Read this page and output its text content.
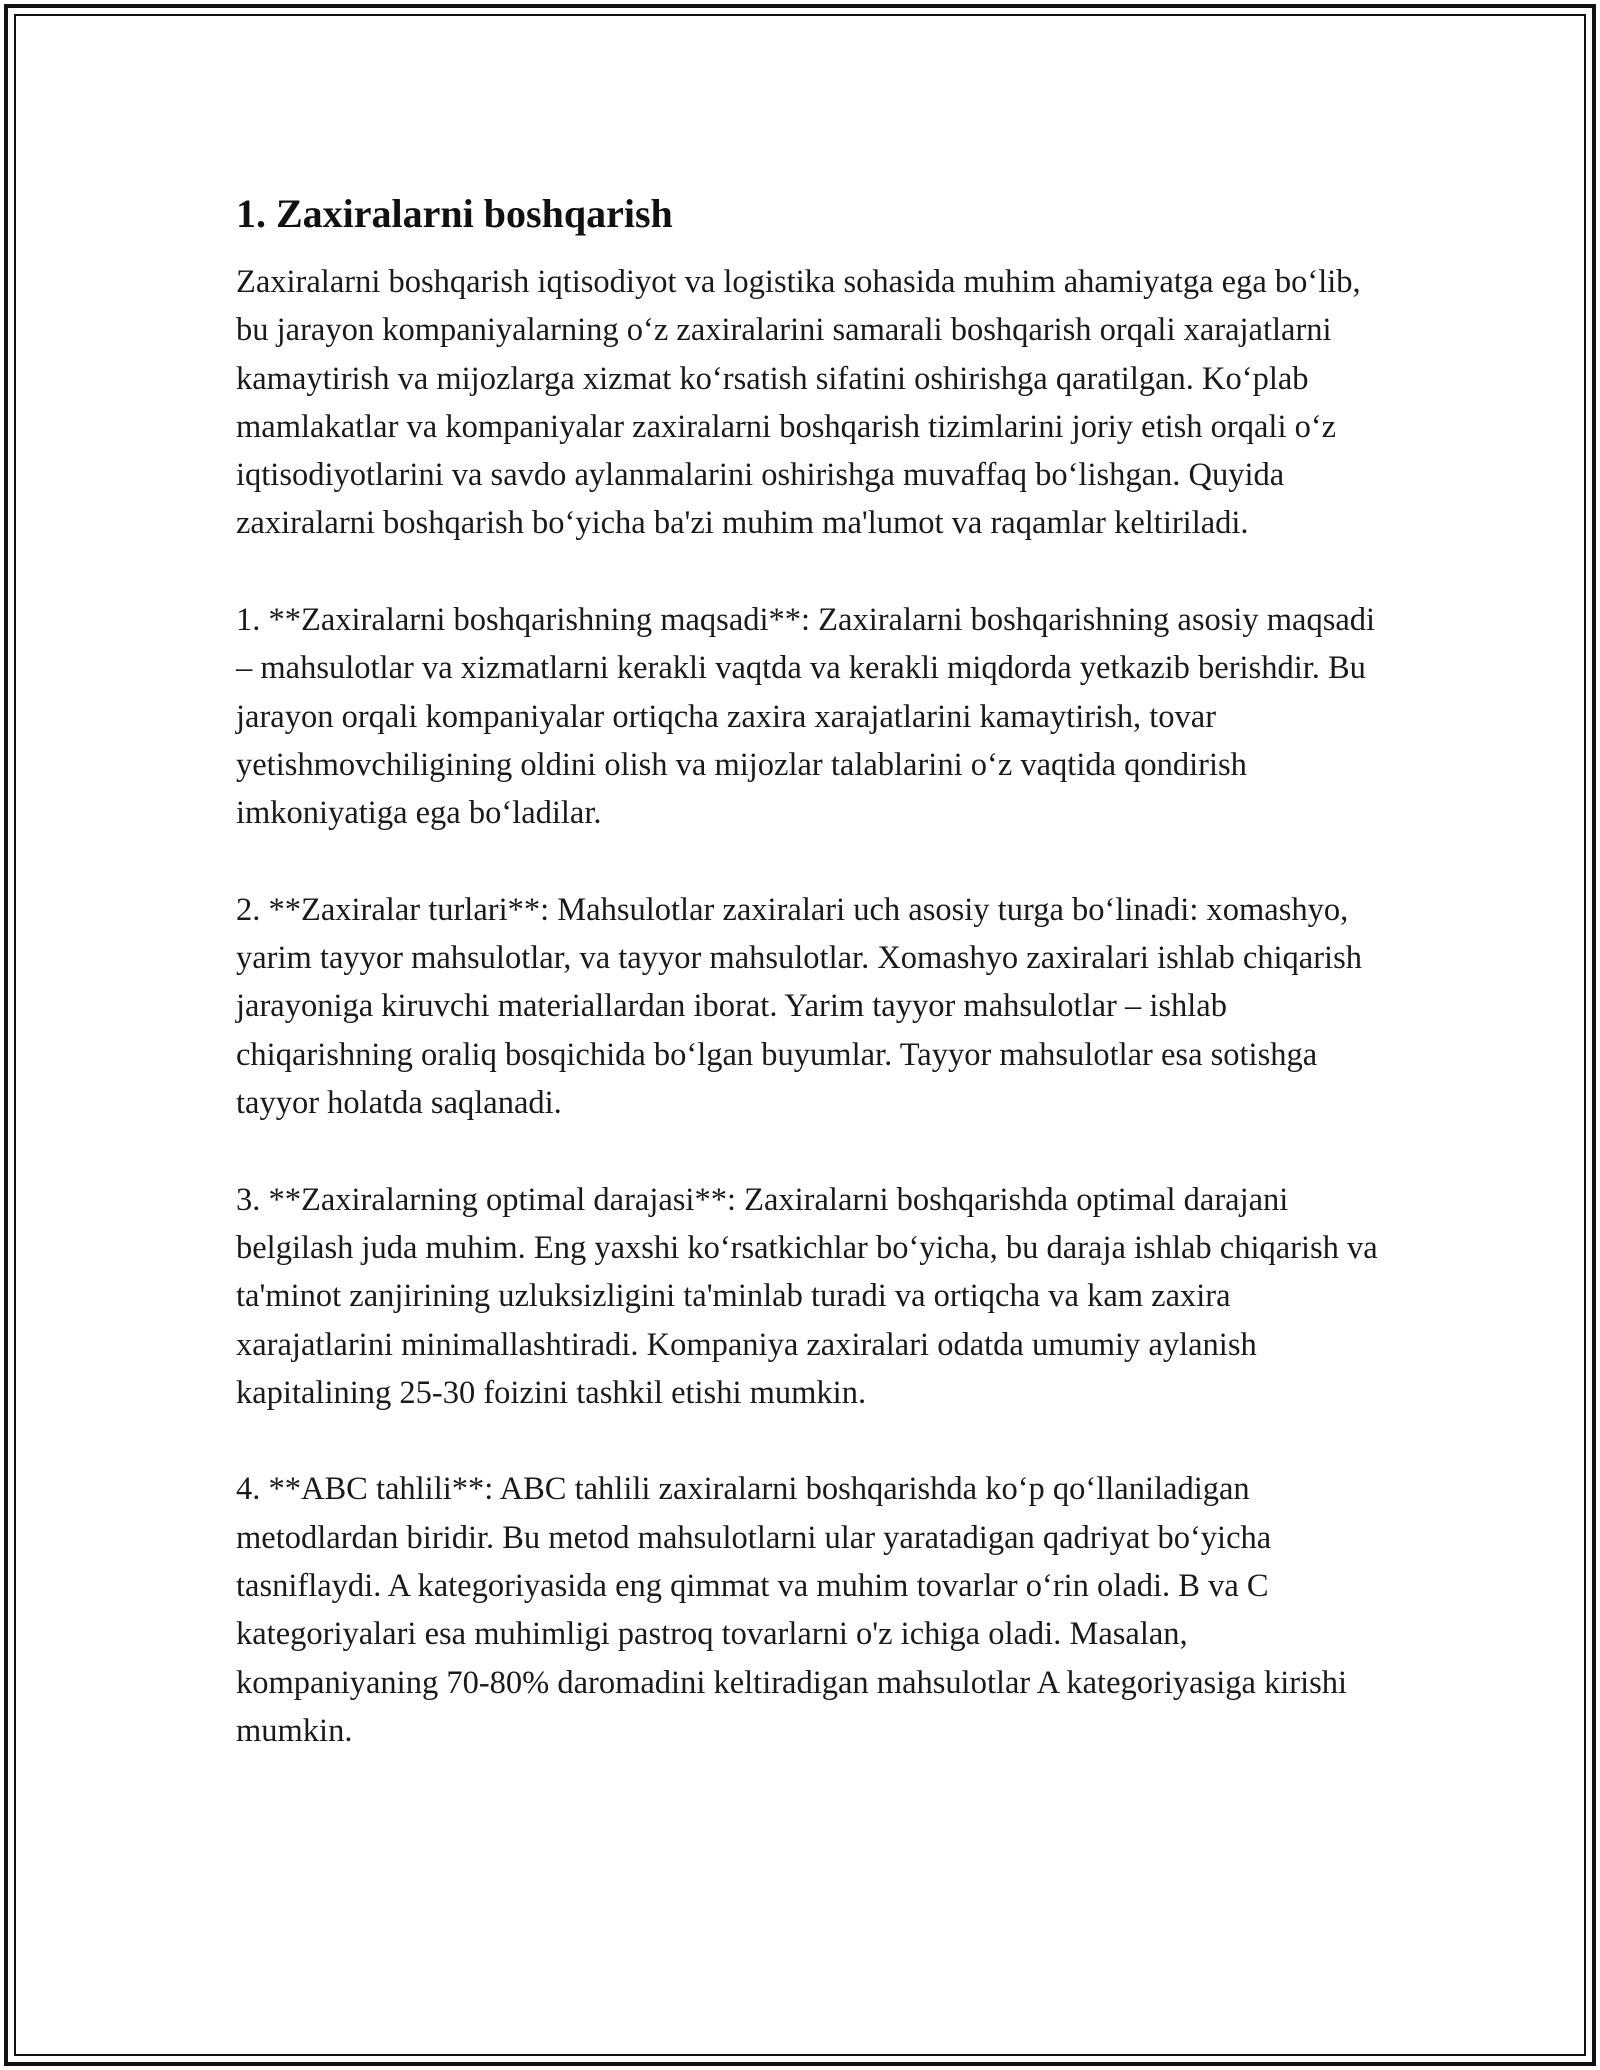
1. Zaxiralarni boshqarish

Zaxiralarni boshqarish iqtisodiyot va logistika sohasida muhim ahamiyatga ega bo‘lib, bu jarayon kompaniyalarning o‘z zaxiralarini samarali boshqarish orqali xarajatlarni kamaytirish va mijozlarga xizmat ko‘rsatish sifatini oshirishga qaratilgan. Ko‘plab mamlakatlar va kompaniyalar zaxiralarni boshqarish tizimlarini joriy etish orqali o‘z iqtisodiyotlarini va savdo aylanmalarini oshirishga muvaffaq bo‘lishgan. Quyida zaxiralarni boshqarish bo‘yicha ba'zi muhim ma'lumot va raqamlar keltiriladi.

1. **Zaxiralarni boshqarishning maqsadi**: Zaxiralarni boshqarishning asosiy maqsadi – mahsulotlar va xizmatlarni kerakli vaqtda va kerakli miqdorda yetkazib berishdir. Bu jarayon orqali kompaniyalar ortiqcha zaxira xarajatlarini kamaytirish, tovar yetishmovchiligining oldini olish va mijozlar talablarini o‘z vaqtida qondirish imkoniyatiga ega bo‘ladilar.

2. **Zaxiralar turlari**: Mahsulotlar zaxiralari uch asosiy turga bo‘linadi: xomashyo, yarim tayyor mahsulotlar, va tayyor mahsulotlar. Xomashyo zaxiralari ishlab chiqarish jarayoniga kiruvchi materiallardan iborat. Yarim tayyor mahsulotlar – ishlab chiqarishning oraliq bosqichida bo‘lgan buyumlar. Tayyor mahsulotlar esa sotishga tayyor holatda saqlanadi.

3. **Zaxiralarning optimal darajasi**: Zaxiralarni boshqarishda optimal darajani belgilash juda muhim. Eng yaxshi ko‘rsatkichlar bo‘yicha, bu daraja ishlab chiqarish va ta'minot zanjirining uzluksizligini ta'minlab turadi va ortiqcha va kam zaxira xarajatlarini minimallashtiradi. Kompaniya zaxiralari odatda umumiy aylanish kapitalining 25-30 foizini tashkil etishi mumkin.

4. **ABC tahlili**: ABC tahlili zaxiralarni boshqarishda ko‘p qo‘llaniladigan metodlardan biridir. Bu metod mahsulotlarni ular yaratadigan qadriyat bo‘yicha tasniflaydi. A kategoriyasida eng qimmat va muhim tovarlar o‘rin oladi. B va C kategoriyalari esa muhimligi pastroq tovarlarni o'z ichiga oladi. Masalan, kompaniyaning 70-80% daromadini keltiradigan mahsulotlar A kategoriyasiga kirishi mumkin.
